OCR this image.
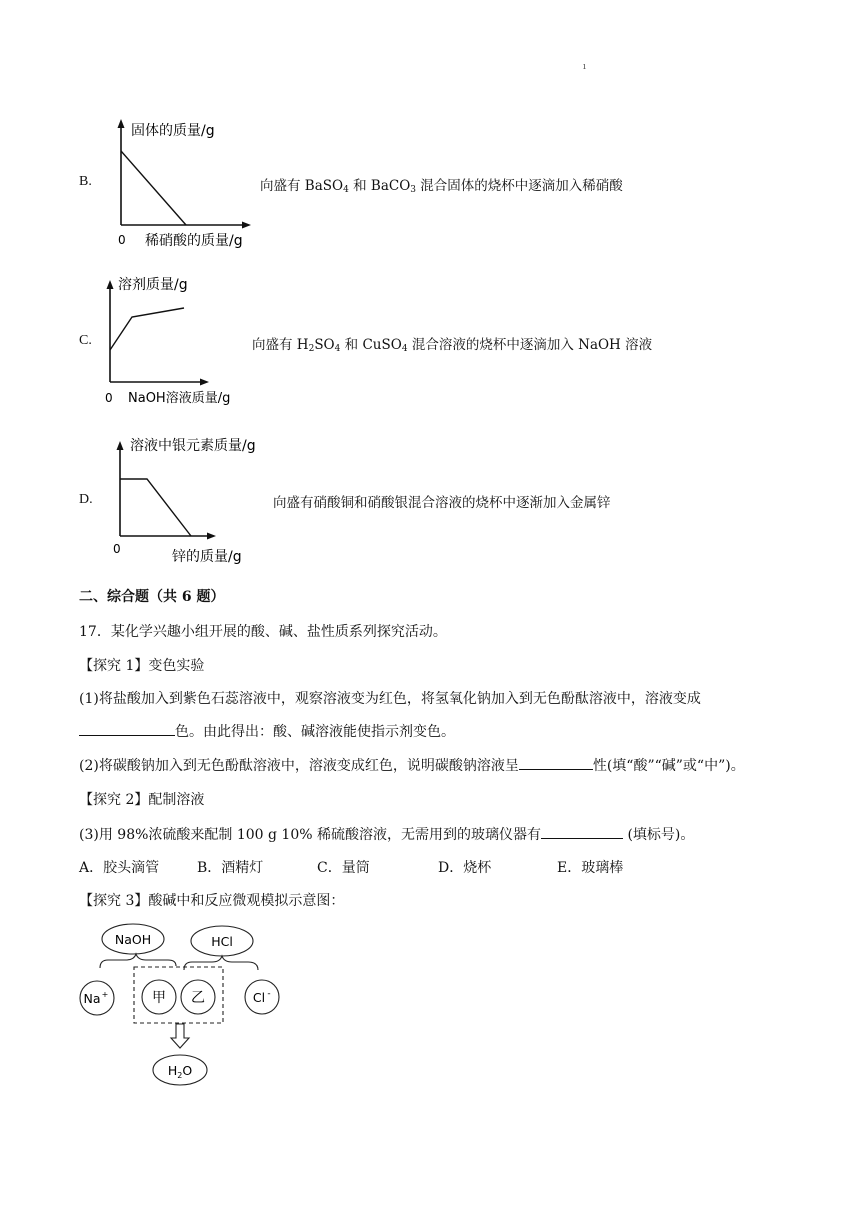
ı
B.
固体的质量/g
0 稀硝酸的质量/g
向盛有 BaSO$_4$ 和 BaCO$_3$ 混合固体的烧杯中逐滴加入稀硝酸
C.
溶剂质量/g
0 NaOH溶液质量/g
向盛有 $H_2SO_4$ 和 CuSO$_4$ 混合溶液的烧杯中逐滴加入 NaOH 溶液
D.
溶液中银元素质量/g
0	锌的质量/g
向盛有硝酸铜和硝酸银混合溶液的烧杯中逐渐加入金属锌
二、综合题（共 6 题）
17．某化学兴趣小组开展的酸、碱、盐性质系列探究活动。
【探究 1】变色实验
(1)将盐酸加入到紫色石蕊溶液中，观察溶液变为红色，将氢氧化钠加入到无色酚酞溶液中，溶液变成
色。由此得出：酸、碱溶液能使指示剂变色。
(2)将碳酸钠加入到无色酚酞溶液中，溶液变成红色，说明碳酸钠溶液呈	性(填“酸”“碱”或“中”)。
【探究 2】配制溶液
(3)用 98%浓硫酸来配制 100 g 10% 稀硫酸溶液，无需用到的玻璃仪器有	(填标号)。
A．胶头滴管	B．酒精灯	C．量筒	D．烧杯	E．玻璃棒
【探究 3】酸碱中和反应微观模拟示意图：
NaOH	HCl
Na +	甲 乙	Cl -
$H_2O$
